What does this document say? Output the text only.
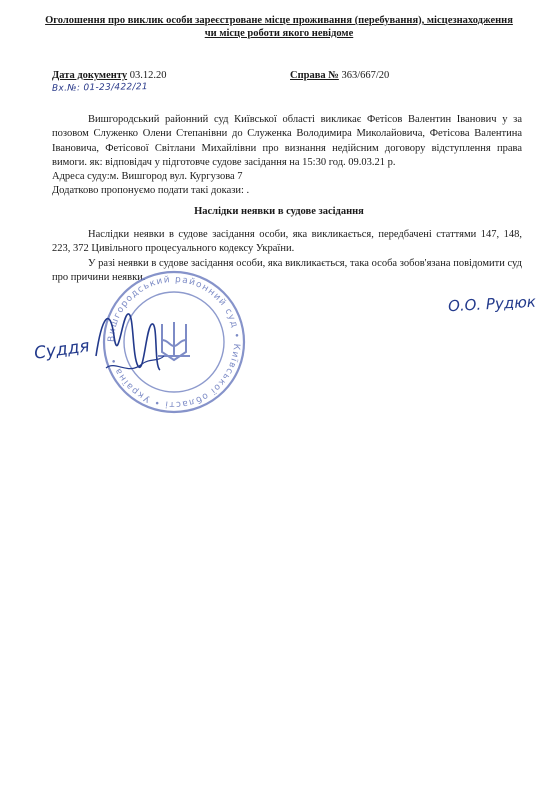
Оголошення про виклик особи зареєстроване місце проживання (перебування), місцезнаходження чи місце роботи якого невідоме
Дата документу 03.12.20	Справа № 363/667/20
Вх.№: 01-23/422/21

Вишгородський районний суд Київської області викликає Фетісов Валентин Іванович у за позовом Служенко Олени Степанівни до Служенка Володимира Миколайовича, Фетісова Валентина Івановича, Фетісової Світлани Михайлівни про визнання недійсним договору відступлення права вимоги. як: відповідач у підготовче судове засідання на 15:30 год. 09.03.21 р.

Адреса суду:м. Вишгород вул. Кургузова 7

Додатково пропонуємо подати такі докази: .

Наслідки неявки в судове засідання

Наслідки неявки в судове засідання особи, яка викликається, передбачені статтями 147, 148, 223, 372 Цивільного процесуального кодексу України.

У разі неявки в судове засідання особи, яка викликається, така особа зобов'язана повідомити суд про причини неявки.

Вишгородський районний суд • Київської області • Україна •
Суддя
О.О. Рудюк
